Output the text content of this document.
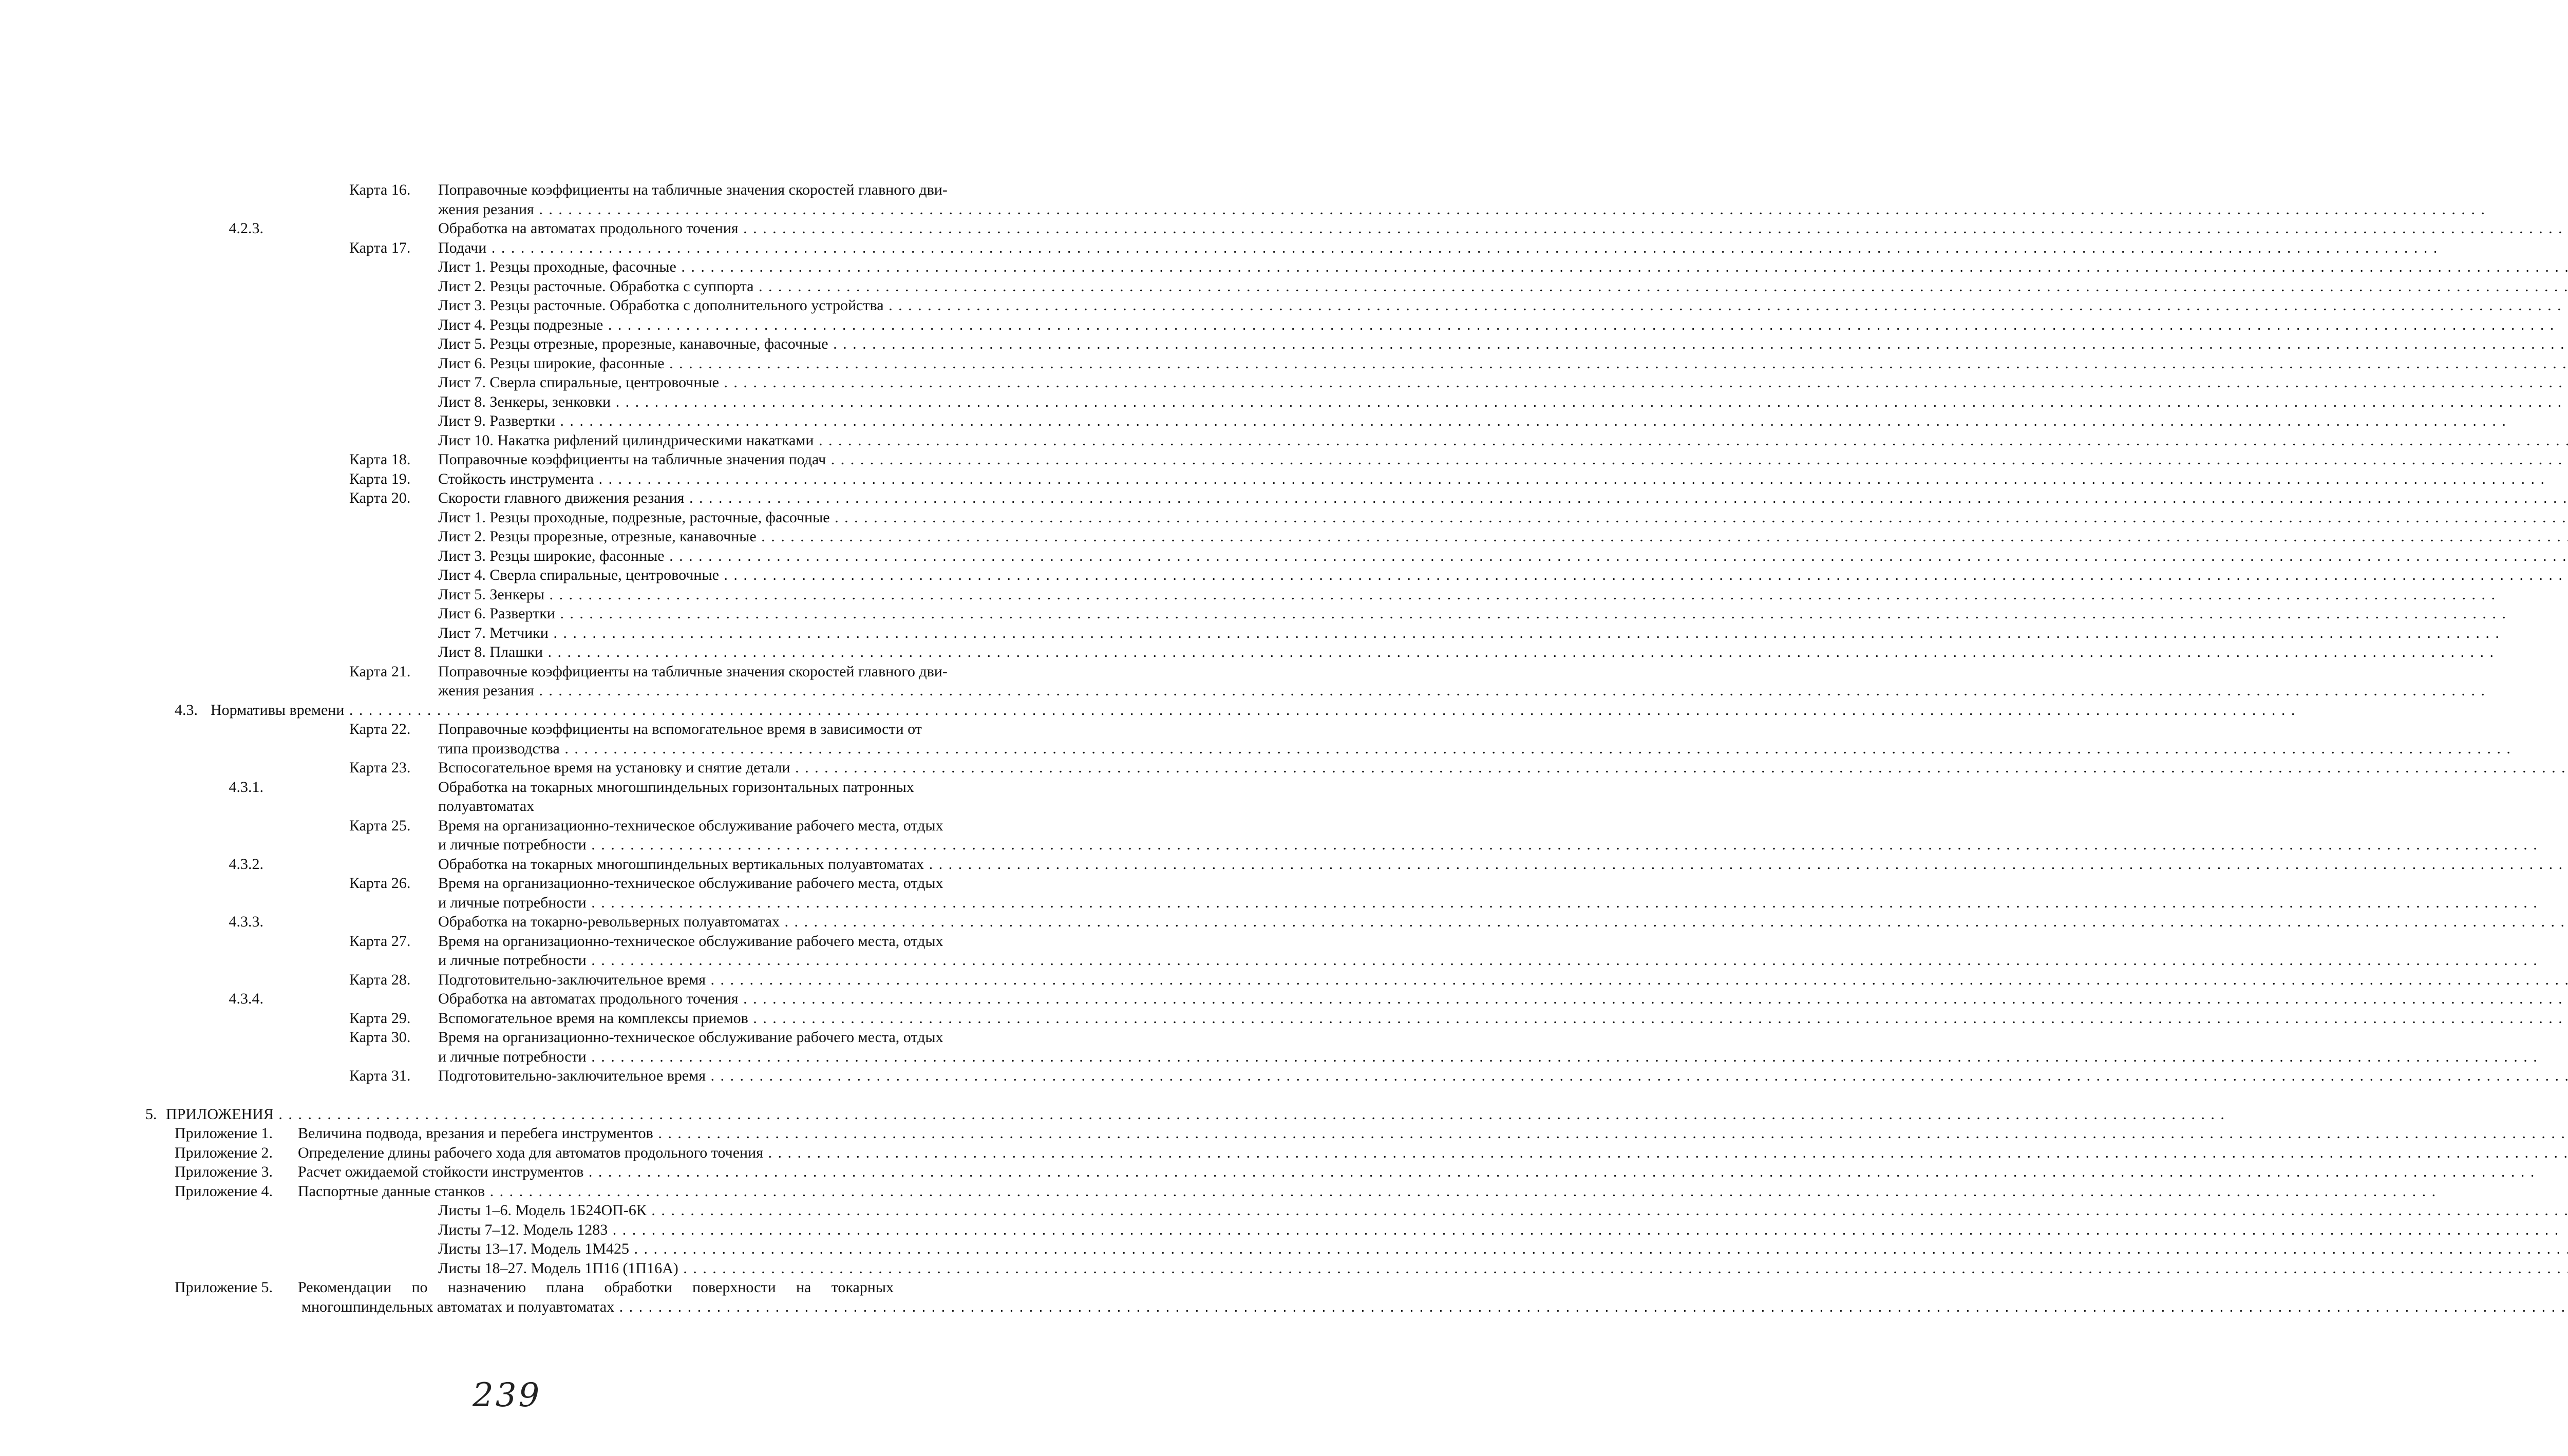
Карта 16. Поправочные коэффициенты на табличные значения скоростей главного дви-
жения резания . . .
4.2.3.	Обработка на автоматах продольного точения . . .
Карта 17. Подачи . . .
Лист 1. Резцы проходные, фасочные . . .
Лист 2. Резцы расточные. Обработка с суппорта . . .
Лист 3. Резцы расточные. Обработка с дополнительного устройства . . .
Лист 4. Резцы подрезные . . .
Лист 5. Резцы отрезные, прорезные, канавочные, фасочные . . .
Лист 6. Резцы широкие, фасонные . . .
Лист 7. Сверла спиральные, центровочные . . .
Лист 8. Зенкеры, зенковки . . .
Лист 9. Развертки . . .
Лист 10. Накатка рифлений цилиндрическими накатками . . .
Карта 18. Поправочные коэффициенты на табличные значения подач . . .
Карта 19. Стойкость инструмента . . .
Карта 20. Скорости главного движения резания . . .
Лист 1. Резцы проходные, подрезные, расточные, фасочные . . .
Лист 2. Резцы прорезные, отрезные, канавочные . . .
Лист 3. Резцы широкие, фасонные . . .
Лист 4. Сверла спиральные, центровочные . . .
Лист 5. Зенкеры . . .
Лист 6. Развертки . . .
Лист 7. Метчики . . .
Лист 8. Плашки . . .
Карта 21. Поправочные коэффициенты на табличные значения скоростей главного дви-
жения резания . . .
4.3. Нормативы времени . . .
Карта 22. Поправочные коэффициенты на вспомогательное время в зависимости от
типа производства . . .
Карта 23. Вспосогательное время на установку и снятие детали . . .
4.3.1.	Обработка на токарных многошпиндельных горизонтальных патронных
полуавтоматах
Карта 25. Время на организационно-техническое обслуживание рабочего места, отдых
и личные потребности . . .
4.3.2.	Обработка на токарных многошпиндельных вертикальных полуавтоматах . . .
Карта 26. Время на организационно-техническое обслуживание рабочего места, отдых
и личные потребности . . .
4.3.3.	Обработка на токарно-револьверных полуавтоматах . . .
Карта 27. Время на организационно-техническое обслуживание рабочего места, отдых
и личные потребности . . .
Карта 28. Подготовительно-заключительное время . . .
4.3.4.	Обработка на автоматах продольного точения . . .
Карта 29. Вспомогательное время на комплексы приемов . . .
Карта 30. Время на организационно-техническое обслуживание рабочего места, отдых
и личные потребности . . .
Карта 31. Подготовительно-заключительное время . . .
5. ПРИЛОЖЕНИЯ . . .
Приложение 1. Величина подвода, врезания и перебега инструментов . . .
Приложение 2. Определение длины рабочего хода для автоматов продольного точения . . .
Приложение 3. Расчет ожидаемой стойкости инструментов . . .
Приложение 4. Паспортные данные станков . . .
Листы 1–6. Модель 1Б24ОП-6К . . .
Листы 7–12. Модель 1283 . . .
Листы 13–17. Модель 1М425 . . .
Листы 18–27. Модель 1П16 (1П16А) . . .
Приложение 5. Рекомендации по назначению плана обработки поверхности на токарных
многошпиндельных автоматах и полуавтоматах . . .
239
